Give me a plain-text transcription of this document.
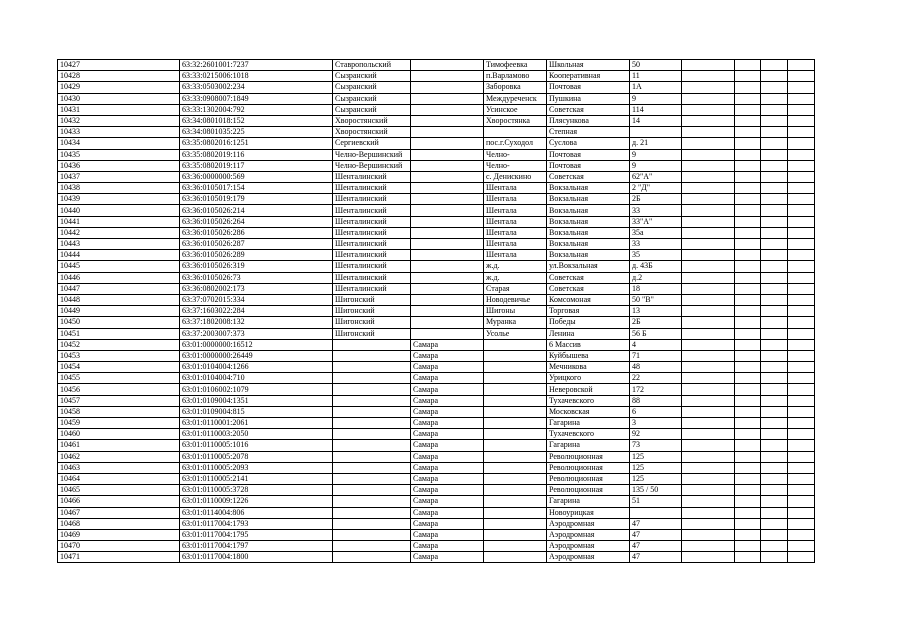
10427	63:32:2601001:7237	Ставропольский		Тимофеевка	Школьная	50				
10428	63:33:0215006:1018	Сызранский		п.Варламово	Кооперативная	11				
10429	63:33:0503002:234	Сызранский		Заборовка	Почтовая	1А				
10430	63:33:0908007:1849	Сызранский		Междуреченск	Пушкина	9				
10431	63:33:1302004:792	Сызранский		Усинское	Советская	114				
10432	63:34:0801018:152	Хворостянский		Хворостянка	Плясункова	14				
10433	63:34:0801035:225	Хворостянский			Степная					
10434	63:35:0802016:1251	Сергиевский		пос.г.Суходол	Суслова	д. 21				
10435	63:35:0802019:116	Челно-Вершинский		Челно-	Почтовая	9				
10436	63:35:0802019:117	Челно-Вершинский		Челно-	Почтовая	9				
10437	63:36:0000000:569	Шенталинский		с. Денискино	Советская	62"А"				
10438	63:36:0105017:154	Шенталинский		Шентала	Вокзальная	2 "Д"				
10439	63:36:0105019:179	Шенталинский		Шентала	Вокзальная	2Б				
10440	63:36:0105026:214	Шенталинский		Шентала	Вокзальная	33				
10441	63:36:0105026:264	Шенталинский		Шентала	Вокзальная	33"А"				
10442	63:36:0105026:286	Шенталинский		Шентала	Вокзальная	35а				
10443	63:36:0105026:287	Шенталинский		Шентала	Вокзальная	33				
10444	63:36:0105026:289	Шенталинский		Шентала	Вокзальная	35				
10445	63:36:0105026:319	Шенталинский		ж.д.	ул.Вокзальная	д. 43Б				
10446	63:36:0105026:73	Шенталинский		ж.д.	Советская	д.2				
10447	63:36:0802002:173	Шенталинский		Старая	Советская	18				
10448	63:37:0702015:334	Шигонский		Новодевичье	Комсомоная	50 "В"				
10449	63:37:1603022:284	Шигонский		Шигоны	Торговая	13				
10450	63:37:1802008:132	Шигонский		Муранка	Победы	2Б				
10451	63:37:2003007:373	Шигонский		Усолье	Ленина	56 Б				
10452	63:01:0000000:16512		Самара		6 Массив	4				
10453	63:01:0000000:26449		Самара		Куйбышева	71				
10454	63:01:0104004:1266		Самара		Мечникова	48				
10455	63:01:0104004:710		Самара		Урицкого	22				
10456	63:01:0106002:1079		Самара		Невеpовской	172				
10457	63:01:0109004:1351		Самара		Тухачевского	88				
10458	63:01:0109004:815		Самара		Московская	6				
10459	63:01:0110001:2061		Самара		Гагарина	3				
10460	63:01:0110003:2050		Самара		Тухачевского	92				
10461	63:01:0110005:1016		Самара		Гагарина	73				
10462	63:01:0110005:2078		Самара		Революционная	125				
10463	63:01:0110005:2093		Самара		Революционная	125				
10464	63:01:0110005:2141		Самара		Революционная	125				
10465	63:01:0110005:3728		Самара		Революционная	135 / 50				
10466	63:01:0110009:1226		Самара		Гагарина	51				
10467	63:01:0114004:806		Самара		Новоурицкая					
10468	63:01:0117004:1793		Самара		Аэродромная	47				
10469	63:01:0117004:1795		Самара		Аэродромная	47				
10470	63:01:0117004:1797		Самара		Аэродромная	47				
10471	63:01:0117004:1800		Самара		Аэродромная	47				
